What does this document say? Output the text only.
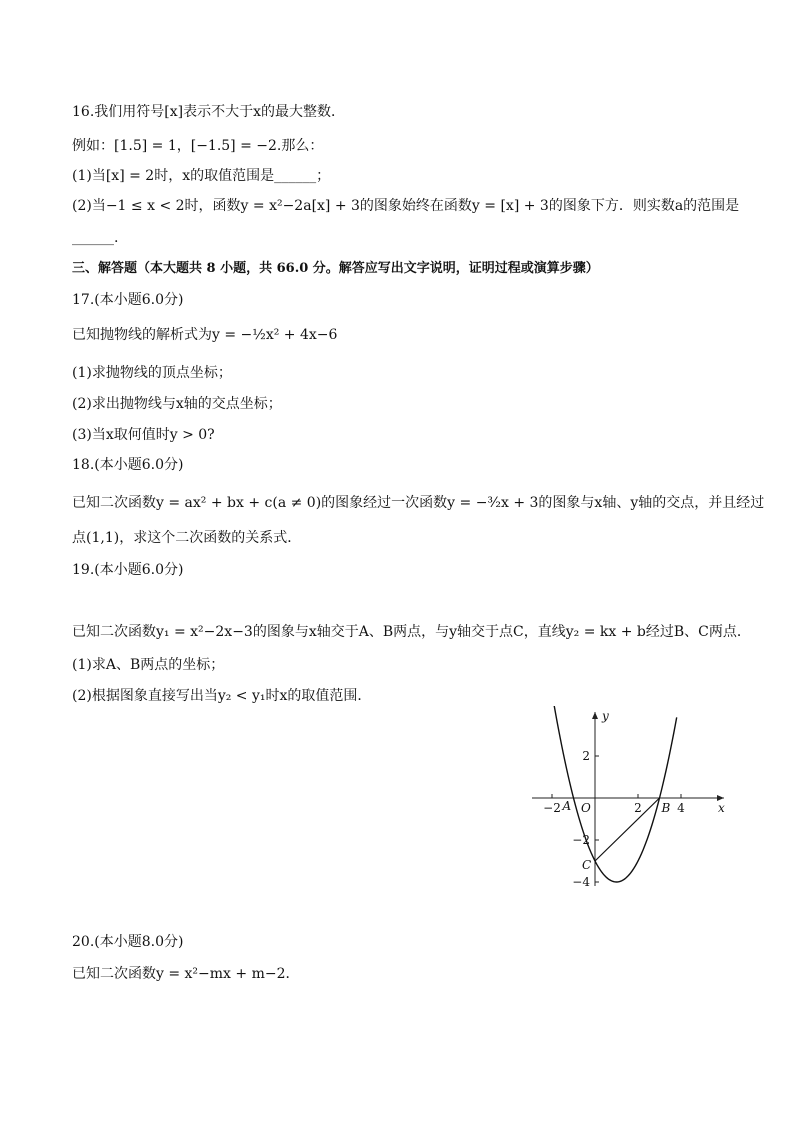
16.我们用符号[x]表示不大于x的最大整数．
例如：[1.5] = 1，[−1.5] = −2.那么：
(1)当[x] = 2时，x的取值范围是______；
(2)当−1 ≤ x < 2时，函数y = x²−2a[x] + 3的图象始终在函数y = [x] + 3的图象下方．则实数a的范围是
______.
三、解答题（本大题共 8 小题，共 66.0 分。解答应写出文字说明，证明过程或演算步骤）
17.(本小题6.0分)
已知抛物线的解析式为y = −½x² + 4x−6
(1)求抛物线的顶点坐标；
(2)求出抛物线与x轴的交点坐标；
(3)当x取何值时y > 0?
18.(本小题6.0分)
已知二次函数y = ax² + bx + c(a ≠ 0)的图象经过一次函数y = −³⁄₂x + 3的图象与x轴、y轴的交点，并且经过
点(1,1)，求这个二次函数的关系式．
19.(本小题6.0分)
已知二次函数y₁ = x²−2x−3的图象与x轴交于A、B两点，与y轴交于点C，直线y₂ = kx + b经过B、C两点．
(1)求A、B两点的坐标；
(2)根据图象直接写出当y₂ < y₁时x的取值范围．
−2	2	4
2
−2
−4
x
y
O
A	B
C
20.(本小题8.0分)
已知二次函数y = x²−mx + m−2．
